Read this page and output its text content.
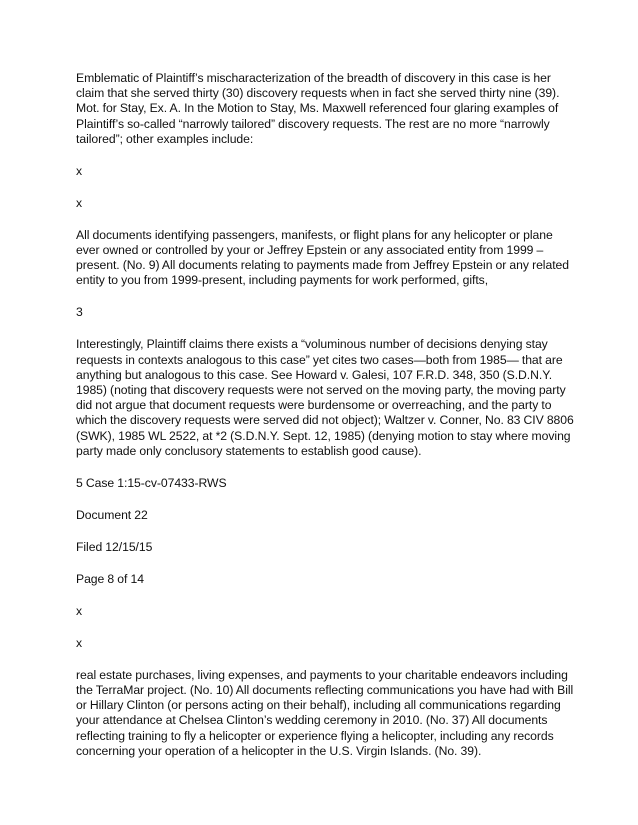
Emblematic of Plaintiff’s mischaracterization of the breadth of discovery in this case is her claim that she served thirty (30) discovery requests when in fact she served thirty nine (39). Mot. for Stay, Ex. A. In the Motion to Stay, Ms. Maxwell referenced four glaring examples of Plaintiff’s so-called “narrowly tailored” discovery requests. The rest are no more “narrowly tailored”; other examples include:

x

x

All documents identifying passengers, manifests, or flight plans for any helicopter or plane ever owned or controlled by your or Jeffrey Epstein or any associated entity from 1999 – present. (No. 9) All documents relating to payments made from Jeffrey Epstein or any related entity to you from 1999-present, including payments for work performed, gifts,

3

Interestingly, Plaintiff claims there exists a “voluminous number of decisions denying stay requests in contexts analogous to this case” yet cites two cases—both from 1985— that are anything but analogous to this case. See Howard v. Galesi, 107 F.R.D. 348, 350 (S.D.N.Y. 1985) (noting that discovery requests were not served on the moving party, the moving party did not argue that document requests were burdensome or overreaching, and the party to which the discovery requests were served did not object); Waltzer v. Conner, No. 83 CIV 8806 (SWK), 1985 WL 2522, at *2 (S.D.N.Y. Sept. 12, 1985) (denying motion to stay where moving party made only conclusory statements to establish good cause).

5 Case 1:15-cv-07433-RWS

Document 22

Filed 12/15/15

Page 8 of 14

x

x

real estate purchases, living expenses, and payments to your charitable endeavors including the TerraMar project. (No. 10) All documents reflecting communications you have had with Bill or Hillary Clinton (or persons acting on their behalf), including all communications regarding your attendance at Chelsea Clinton’s wedding ceremony in 2010. (No. 37) All documents reflecting training to fly a helicopter or experience flying a helicopter, including any records concerning your operation of a helicopter in the U.S. Virgin Islands. (No. 39).
